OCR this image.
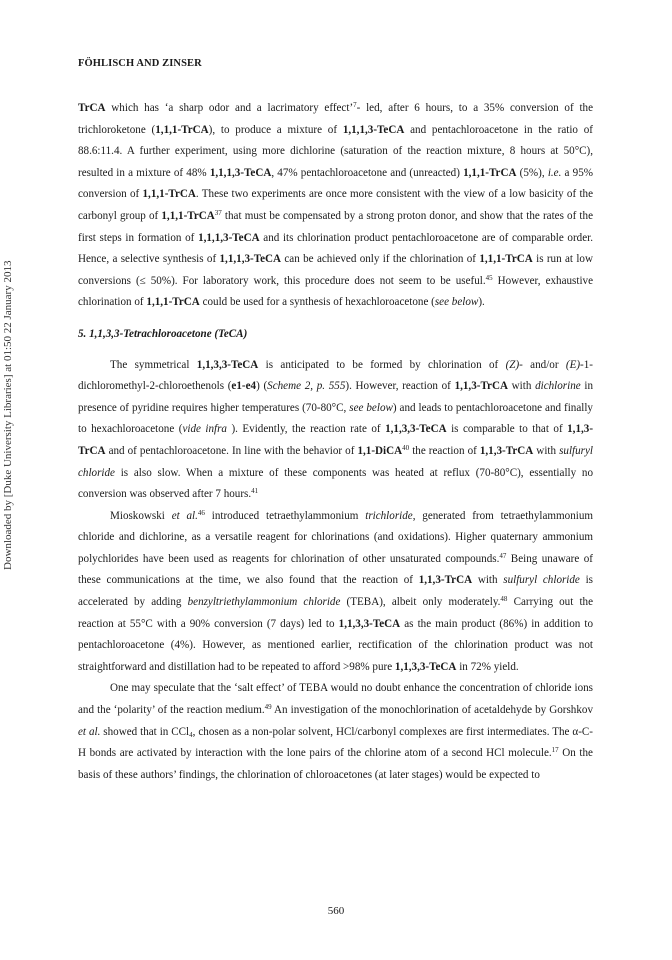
FÖHLISCH AND ZINSER
Downloaded by [Duke University Libraries] at 01:50 22 January 2013

TrCA which has ‘a sharp odor and a lacrimatory effect’$^7$- led, after 6 hours, to a 35% conversion of the trichloroketone (1,1,1-TrCA), to produce a mixture of 1,1,1,3-TeCA and pentachloroacetone in the ratio of 88.6:11.4. A further experiment, using more dichlorine (saturation of the reaction mixture, 8 hours at 50°C), resulted in a mixture of 48% 1,1,1,3-TeCA, 47% pentachloroacetone and (unreacted) 1,1,1-TrCA (5%), i.e. a 95% conversion of 1,1,1-TrCA. These two experiments are once more consistent with the view of a low basicity of the carbonyl group of 1,1,1-TrCA$^{37}$ that must be compensated by a strong proton donor, and show that the rates of the first steps in formation of 1,1,1,3-TeCA and its chlorination product pentachloroacetone are of comparable order. Hence, a selective synthesis of 1,1,1,3-TeCA can be achieved only if the chlorination of 1,1,1-TrCA is run at low conversions (≤ 50%). For laboratory work, this procedure does not seem to be useful.$^{45}$ However, exhaustive chlorination of 1,1,1-TrCA could be used for a synthesis of hexachloroacetone (see below).

5. 1,1,3,3-Tetrachloroacetone (TeCA)

The symmetrical 1,1,3,3-TeCA is anticipated to be formed by chlorination of (Z)- and/or (E)-1-dichloromethyl-2-chloroethenols (e1-e4) (Scheme 2, p. 555). However, reaction of 1,1,3-TrCA with dichlorine in presence of pyridine requires higher temperatures (70-80°C, see below) and leads to pentachloroacetone and finally to hexachloroacetone (vide infra ). Evidently, the reaction rate of 1,1,3,3-TeCA is comparable to that of 1,1,3-TrCA and of pentachloroacetone. In line with the behavior of 1,1-DiCA$^{40}$ the reaction of 1,1,3-TrCA with sulfuryl chloride is also slow. When a mixture of these components was heated at reflux (70-80°C), essentially no conversion was observed after 7 hours.$^{41}$

Mioskowski et al.$^{46}$ introduced tetraethylammonium trichloride, generated from tetraethylammonium chloride and dichlorine, as a versatile reagent for chlorinations (and oxidations). Higher quaternary ammonium polychlorides have been used as reagents for chlorination of other unsaturated compounds.$^{47}$ Being unaware of these communications at the time, we also found that the reaction of 1,1,3-TrCA with sulfuryl chloride is accelerated by adding benzyltriethylammonium chloride (TEBA), albeit only moderately.$^{48}$ Carrying out the reaction at 55°C with a 90% conversion (7 days) led to 1,1,3,3-TeCA as the main product (86%) in addition to pentachloroacetone (4%). However, as mentioned earlier, rectification of the chlorination product was not straightforward and distillation had to be repeated to afford >98% pure 1,1,3,3-TeCA in 72% yield.

One may speculate that the ‘salt effect’ of TEBA would no doubt enhance the concentration of chloride ions and the ‘polarity’ of the reaction medium.$^{49}$ An investigation of the monochlorination of acetaldehyde by Gorshkov et al. showed that in CCl$_4$, chosen as a non-polar solvent, HCl/carbonyl complexes are first intermediates. The α-C-H bonds are activated by interaction with the lone pairs of the chlorine atom of a second HCl molecule.$^{17}$ On the basis of these authors’ findings, the chlorination of chloroacetones (at later stages) would be expected to

560
